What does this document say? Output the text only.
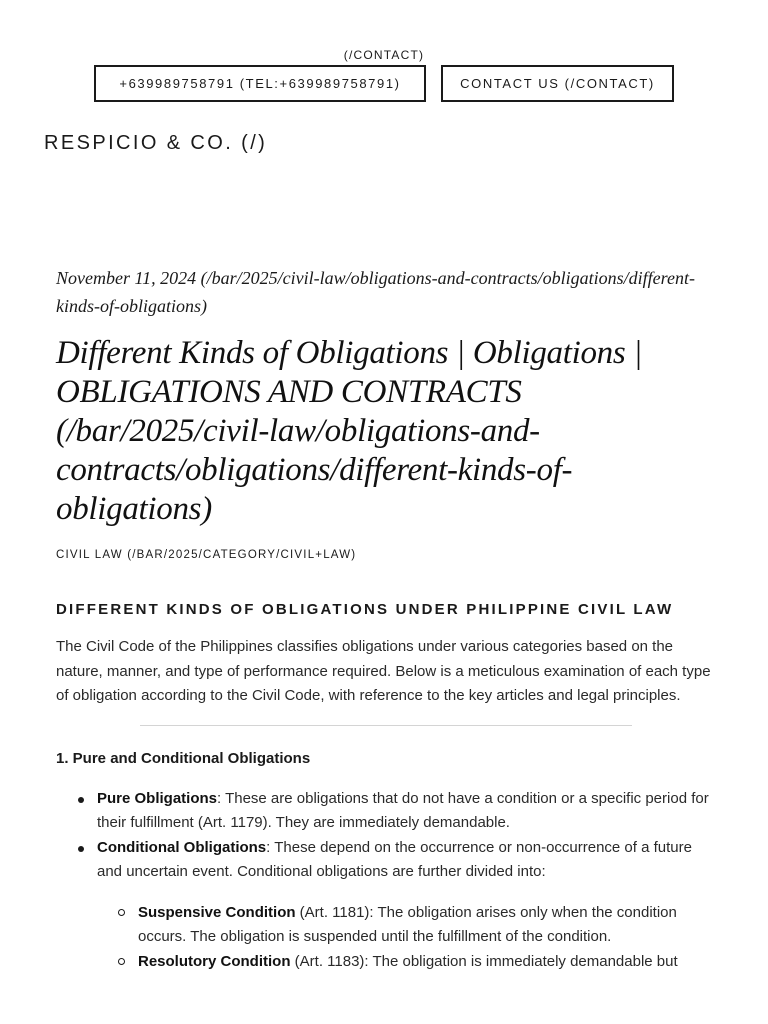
(/CONTACT)
+639989758791 (TEL:+639989758791)	CONTACT US (/CONTACT)
RESPICIO & CO. (/)

November 11, 2024 (/bar/2025/civil-law/obligations-and-contracts/obligations/different-kinds-of-obligations)

Different Kinds of Obligations | Obligations | OBLIGATIONS AND CONTRACTS (/bar/2025/civil-law/obligations-and-contracts/obligations/different-kinds-of-obligations)
CIVIL LAW (/BAR/2025/CATEGORY/CIVIL+LAW)
DIFFERENT KINDS OF OBLIGATIONS UNDER PHILIPPINE CIVIL LAW

The Civil Code of the Philippines classifies obligations under various categories based on the nature, manner, and type of performance required. Below is a meticulous examination of each type of obligation according to the Civil Code, with reference to the key articles and legal principles.

1. Pure and Conditional Obligations
Pure Obligations: These are obligations that do not have a condition or a specific period for their fulfillment (Art. 1179). They are immediately demandable.
Conditional Obligations: These depend on the occurrence or non-occurrence of a future and uncertain event. Conditional obligations are further divided into:
Suspensive Condition (Art. 1181): The obligation arises only when the condition occurs. The obligation is suspended until the fulfillment of the condition.
Resolutory Condition (Art. 1183): The obligation is immediately demandable but
